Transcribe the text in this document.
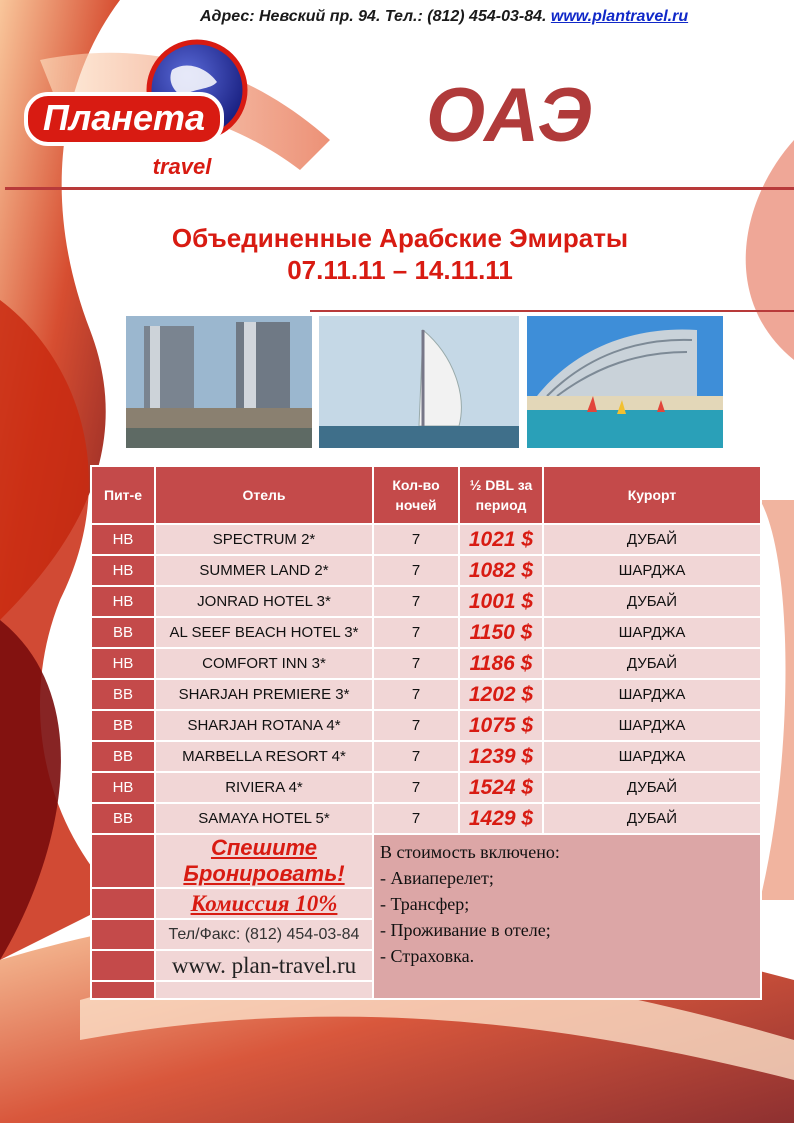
Адрес: Невский пр. 94. Тел.: (812) 454-03-84. www.plantravel.ru
Планета
travel
ОАЭ
Объединенные Арабские Эмираты
07.11.11 – 14.11.11
Пит-е	Отель	Кол-во ночей	½ DBL за период	Курорт
HB	SPECTRUM 2*	7	1021 $	ДУБАЙ
HB	SUMMER LAND 2*	7	1082 $	ШАРДЖА
HB	JONRAD HOTEL 3*	7	1001 $	ДУБАЙ
BB	AL SEEF BEACH HOTEL 3*	7	1150 $	ШАРДЖА
HB	COMFORT INN 3*	7	1186 $	ДУБАЙ
BB	SHARJAH PREMIERE 3*	7	1202 $	ШАРДЖА
BB	SHARJAH ROTANA 4*	7	1075 $	ШАРДЖА
BB	MARBELLA RESORT 4*	7	1239 $	ШАРДЖА
HB	RIVIERA 4*	7	1524 $	ДУБАЙ
BB	SAMAYA HOTEL 5*	7	1429 $	ДУБАЙ
	Спешите Бронировать!	В стоимость включено:
- Авиаперелет;
- Трансфер;
- Проживание в отеле;
- Страховка.		

	Комиссия 10%			
	Тел/Факс: (812) 454-03-84			
	www. plan-travel.ru			
